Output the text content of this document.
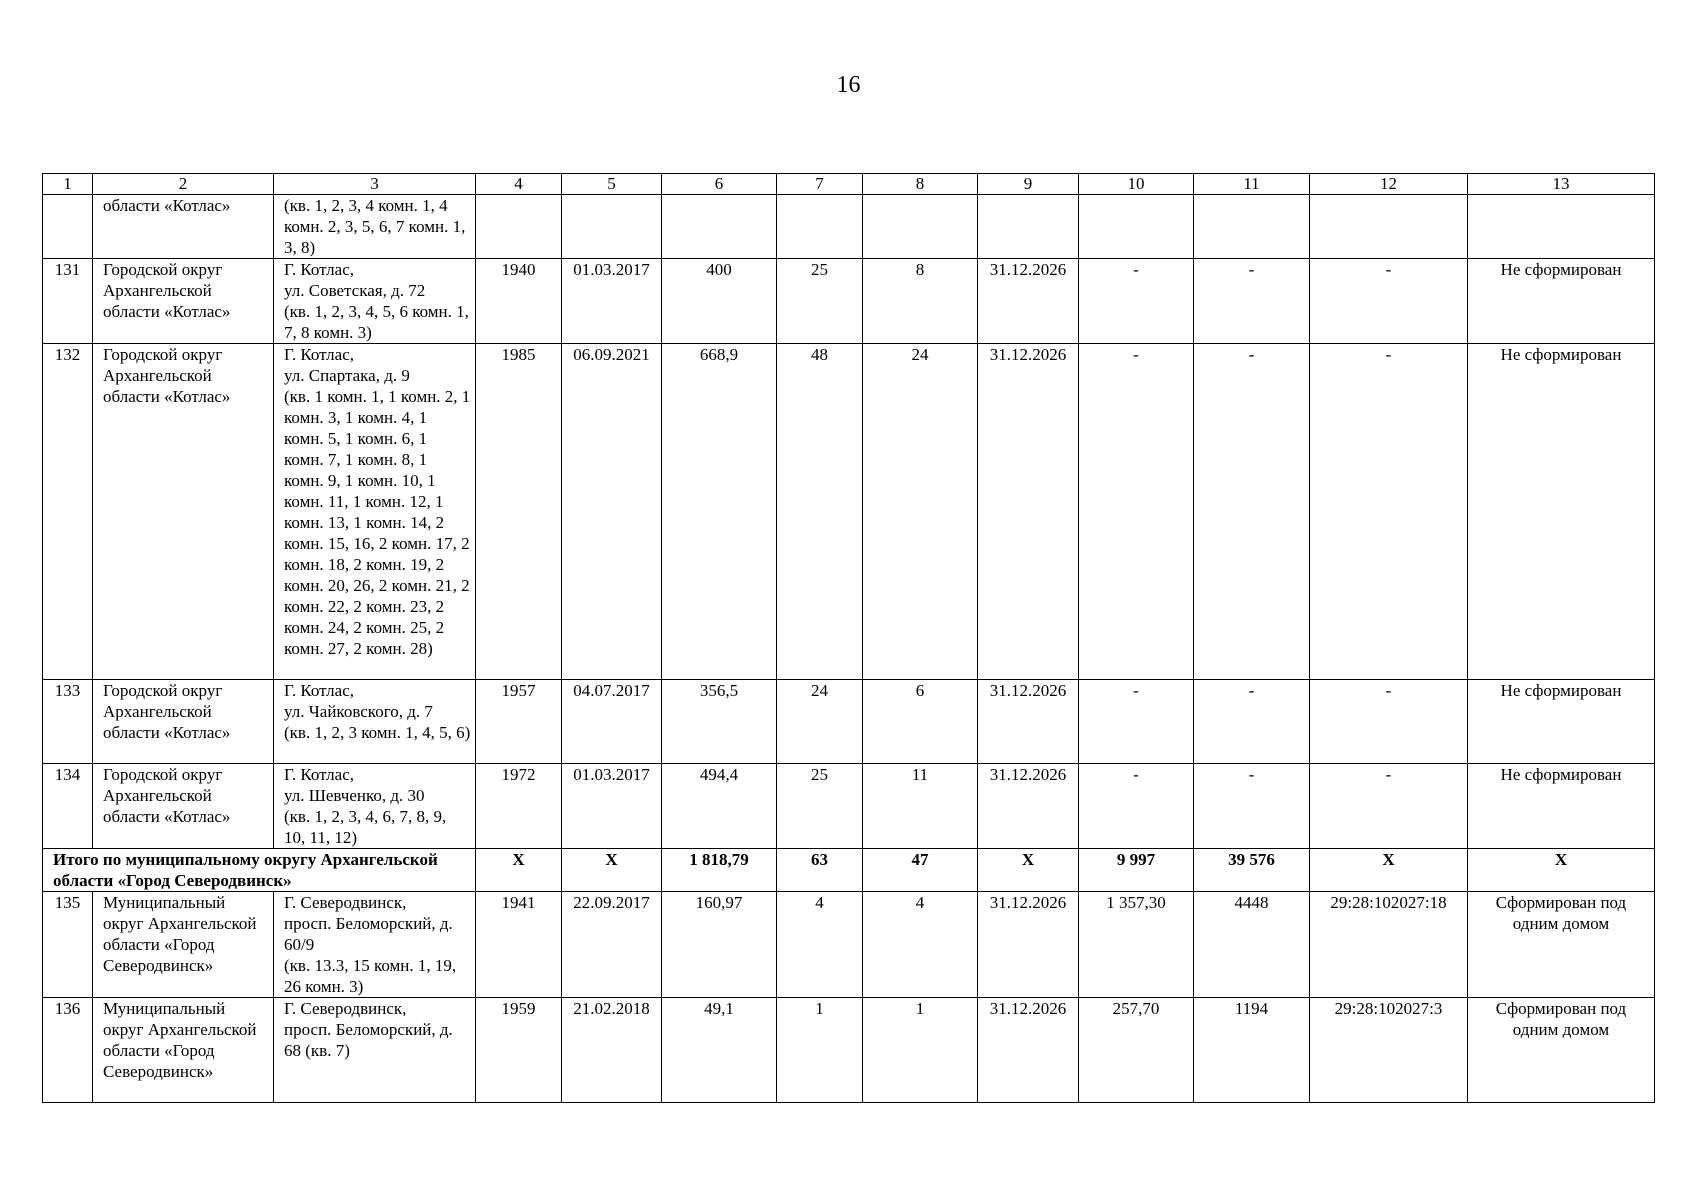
16
1	2	3	4	5	6	7	8	9	10	11	12	13
	области «Котлас»	(кв. 1, 2, 3, 4 комн. 1, 4 комн. 2, 3, 5, 6, 7 комн. 1, 3, 8)										
131	Городской округ Архангельской области «Котлас»	Г. Котлас,
ул. Советская, д. 72
(кв. 1, 2, 3, 4, 5, 6 комн. 1, 7, 8 комн. 3)	1940	01.03.2017	400	25	8	31.12.2026	-	-	-	Не сформирован
132	Городской округ Архангельской области «Котлас»	Г. Котлас,
ул. Спартака, д. 9
(кв. 1 комн. 1, 1 комн. 2, 1 комн. 3, 1 комн. 4, 1 комн. 5, 1 комн. 6, 1 комн. 7, 1 комн. 8, 1 комн. 9, 1 комн. 10, 1 комн. 11, 1 комн. 12, 1 комн. 13, 1 комн. 14, 2 комн. 15, 16, 2 комн. 17, 2 комн. 18, 2 комн. 19, 2 комн. 20, 26, 2 комн. 21, 2 комн. 22, 2 комн. 23, 2 комн. 24, 2 комн. 25, 2 комн. 27, 2 комн. 28)	1985	06.09.2021	668,9	48	24	31.12.2026	-	-	-	Не сформирован
133	Городской округ Архангельской области «Котлас»	Г. Котлас,
ул. Чайковского, д. 7
(кв. 1, 2, 3 комн. 1, 4, 5, 6)	1957	04.07.2017	356,5	24	6	31.12.2026	-	-	-	Не сформирован
134	Городской округ Архангельской области «Котлас»	Г. Котлас,
ул. Шевченко, д. 30
(кв. 1, 2, 3, 4, 6, 7, 8, 9, 10, 11, 12)	1972	01.03.2017	494,4	25	11	31.12.2026	-	-	-	Не сформирован
Итого по муниципальному округу Архангельской области «Город Северодвинск»			X	X	1 818,79	63	47	X	9 997	39 576	X	X
135	Муниципальный округ Архангельской области «Город Северодвинск»	Г. Северодвинск,
просп. Беломорский, д. 60/9
(кв. 13.3, 15 комн. 1, 19, 26 комн. 3)	1941	22.09.2017	160,97	4	4	31.12.2026	1 357,30	4448	29:28:102027:18	Сформирован под одним домом
136	Муниципальный округ Архангельской области «Город Северодвинск»	Г. Северодвинск,
просп. Беломорский, д. 68 (кв. 7)	1959	21.02.2018	49,1	1	1	31.12.2026	257,70	1194	29:28:102027:3	Сформирован под одним домом
